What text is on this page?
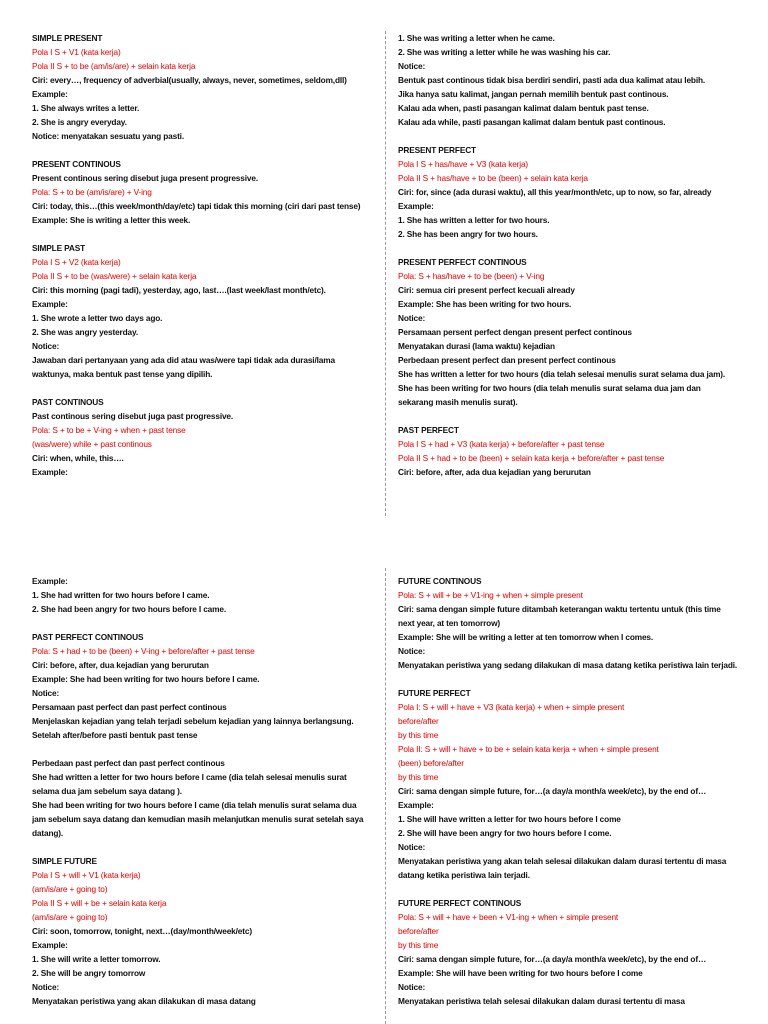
SIMPLE PRESENT
Pola I S + V1 (kata kerja)
Pola II S + to be (am/is/are) + selain kata kerja
Ciri: every…, frequency of adverbial(usually, always, never, sometimes, seldom,dll)
Example:
1. She always writes a letter.
2. She is angry everyday.
Notice: menyatakan sesuatu yang pasti.
PRESENT CONTINOUS
Present continous sering disebut juga present progressive.
Pola: S + to be (am/is/are) + V-ing
Ciri: today, this…(this week/month/day/etc) tapi tidak this morning (ciri dari past tense)
Example: She is writing a letter this week.
SIMPLE PAST
Pola I S + V2 (kata kerja)
Pola II S + to be (was/were) + selain kata kerja
Ciri: this morning (pagi tadi), yesterday, ago, last….(last week/last month/etc).
Example:
1. She wrote a letter two days ago.
2. She was angry yesterday.
Notice:
Jawaban dari pertanyaan yang ada did atau was/were tapi tidak ada durasi/lama waktunya, maka bentuk past tense yang dipilih.
PAST CONTINOUS
Past continous sering disebut juga past progressive.
Pola: S + to be + V-ing + when + past tense
(was/were) while + past continous
Ciri: when, while, this….
Example:
1. She was writing a letter when he came.
2. She was writing a letter while he was washing his car.
Notice:
Bentuk past continous tidak bisa berdiri sendiri, pasti ada dua kalimat atau lebih.
Jika hanya satu kalimat, jangan pernah memilih bentuk past continous.
Kalau ada when, pasti pasangan kalimat dalam bentuk past tense.
Kalau ada while, pasti pasangan kalimat dalam bentuk past continous.
PRESENT PERFECT
Pola I S + has/have + V3 (kata kerja)
Pola II S + has/have + to be (been) + selain kata kerja
Ciri: for, since (ada durasi waktu), all this year/month/etc, up to now, so far, already
Example:
1. She has written a letter for two hours.
2. She has been angry for two hours.
PRESENT PERFECT CONTINOUS
Pola: S + has/have + to be (been) + V-ing
Ciri: semua ciri present perfect kecuali already
Example: She has been writing for two hours.
Notice:
Persamaan persent perfect dengan present perfect continous
Menyatakan durasi (lama waktu) kejadian
Perbedaan present perfect dan present perfect continous
She has written a letter for two hours (dia telah selesai menulis surat selama dua jam).
She has been writing for two hours (dia telah menulis surat selama dua jam dan sekarang masih menulis surat).
PAST PERFECT
Pola I S + had + V3 (kata kerja) + before/after + past tense
Pola II S + had + to be (been) + selain kata kerja + before/after + past tense
Ciri: before, after, ada dua kejadian yang berurutan
Example:
1. She had written for two hours before I came.
2. She had been angry for two hours before I came.
PAST PERFECT CONTINOUS
Pola: S + had + to be (been) + V-ing + before/after + past tense
Ciri: before, after, dua kejadian yang berurutan
Example: She had been writing for two hours before I came.
Notice:
Persamaan past perfect dan past perfect continous
Menjelaskan kejadian yang telah terjadi sebelum kejadian yang lainnya berlangsung.
Setelah after/before pasti bentuk past tense
Perbedaan past perfect dan past perfect continous
She had written a letter for two hours before I came (dia telah selesai menulis surat selama dua jam sebelum saya datang ).
She had been writing for two hours before I came (dia telah menulis surat selama dua jam sebelum saya datang dan kemudian masih melanjutkan menulis surat setelah saya datang).
SIMPLE FUTURE
Pola I S + will + V1 (kata kerja)
(am/is/are + going to)
Pola II S + will + be + selain kata kerja
(am/is/are + going to)
Ciri: soon, tomorrow, tonight, next…(day/month/week/etc)
Example:
1. She will write a letter tomorrow.
2. She will be angry tomorrow
Notice:
Menyatakan peristiwa yang akan dilakukan di masa datang
FUTURE CONTINOUS
Pola: S + will + be + V1-ing + when + simple present
Ciri: sama dengan simple future ditambah keterangan waktu tertentu untuk (this time next year, at ten tomorrow)
Example: She will be writing a letter at ten tomorrow when I comes.
Notice:
Menyatakan peristiwa yang sedang dilakukan di masa datang ketika peristiwa lain terjadi.
FUTURE PERFECT
Pola I: S + will + have + V3 (kata kerja) + when + simple present
before/after
by this time
Pola II: S + will + have + to be + selain kata kerja + when + simple present
(been) before/after
by this time
Ciri: sama dengan simple future, for…(a day/a month/a week/etc), by the end of…
Example:
1. She will have written a letter for two hours before I come
2. She will have been angry for two hours before I come.
Notice:
Menyatakan peristiwa yang akan telah selesai dilakukan dalam durasi tertentu di masa datang ketika peristiwa lain terjadi.
FUTURE PERFECT CONTINOUS
Pola: S + will + have + been + V1-ing + when + simple present
before/after
by this time
Ciri: sama dengan simple future, for…(a day/a month/a week/etc), by the end of…
Example: She will have been writing for two hours before I come
Notice:
Menyatakan peristiwa telah selesai dilakukan dalam durasi tertentu di masa
